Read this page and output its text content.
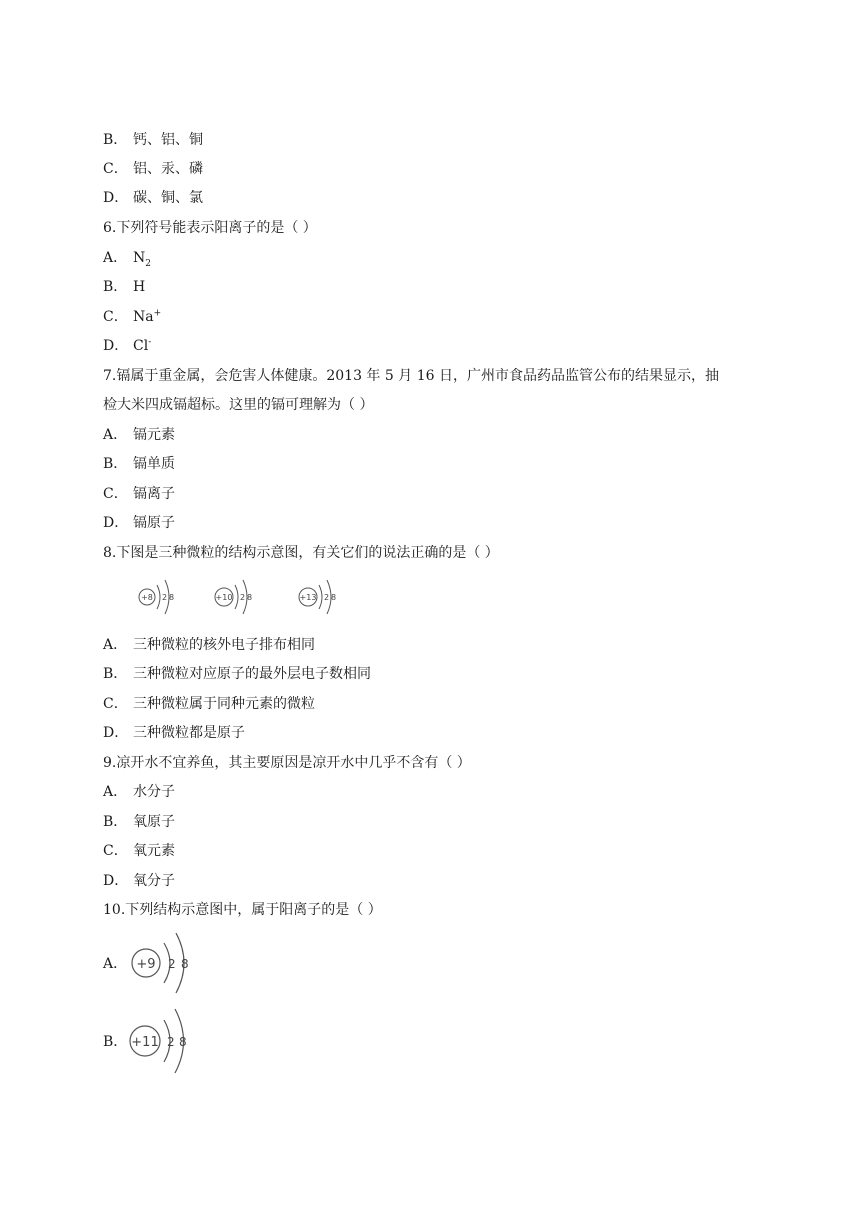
B． 钙、铝、铜
C． 铝、汞、磷
D． 碳、铜、氯
6.下列符号能表示阳离子的是（ ）
A． $N_2$
B． H
C． Na+
D． Cl-
7.镉属于重金属，会危害人体健康。2013 年 5 月 16 日，广州市食品药品监管公布的结果显示，抽
检大米四成镉超标。这里的镉可理解为（ ）
A． 镉元素
B． 镉单质
C． 镉离子
D． 镉原子
8.下图是三种微粒的结构示意图，有关它们的说法正确的是（ ）
+8 2 8	+10 2 8	+13 2 8
A． 三种微粒的核外电子排布相同
B． 三种微粒对应原子的最外层电子数相同
C． 三种微粒属于同种元素的微粒
D． 三种微粒都是原子
9.凉开水不宜养鱼，其主要原因是凉开水中几乎不含有（ ）
A． 水分子
B． 氧原子
C． 氧元素
D． 氧分子
10.下列结构示意图中，属于阳离子的是（ ）
A． +9 2 8
B． +11 2 8
